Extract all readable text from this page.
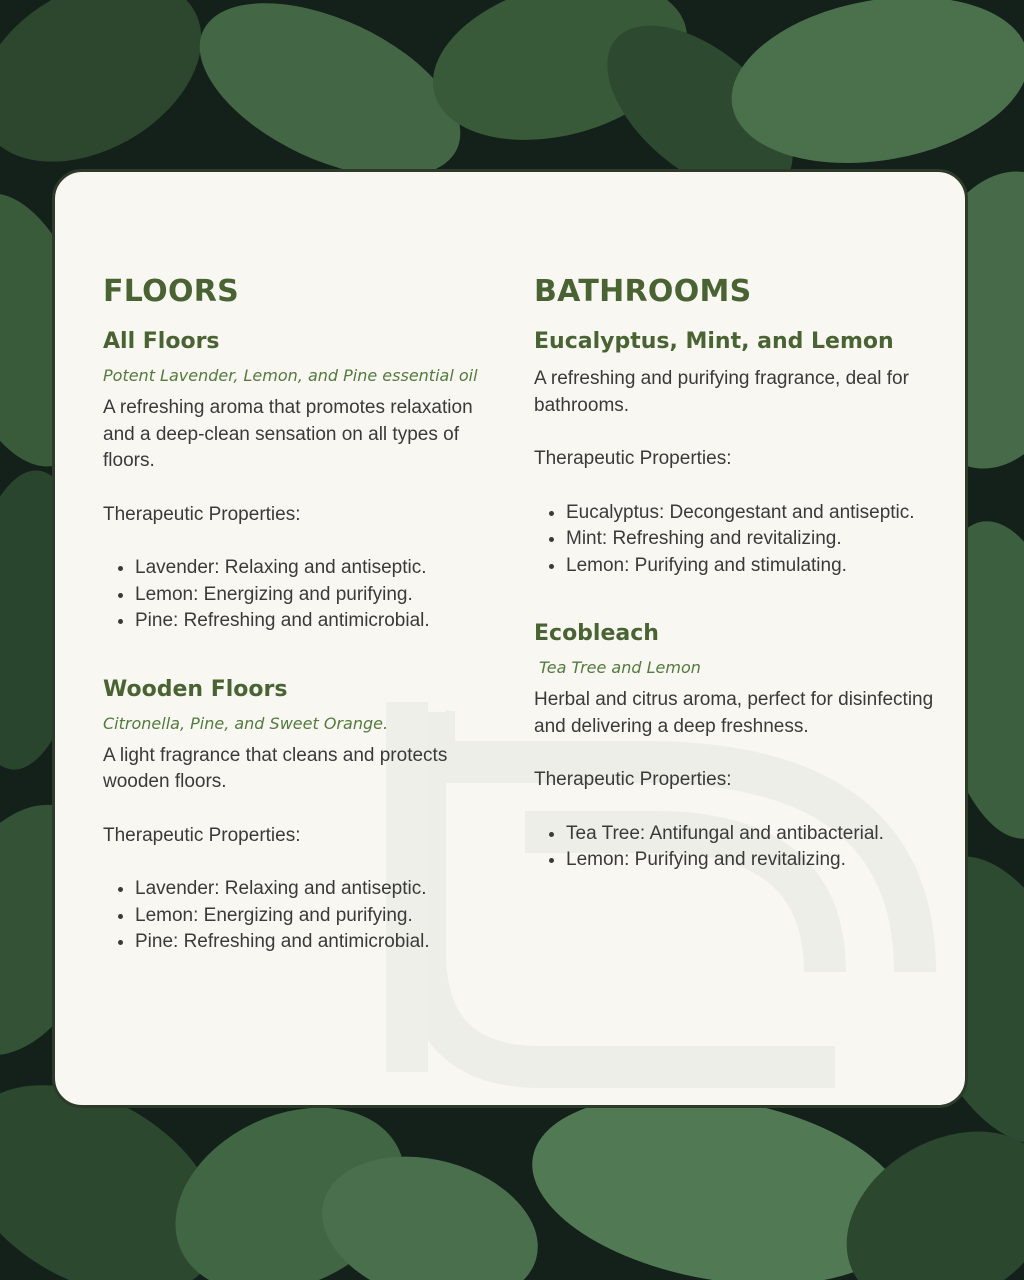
FLOORS
All Floors
Potent Lavender, Lemon, and Pine essential oil
A refreshing aroma that promotes relaxation and a deep-clean sensation on all types of floors.
Therapeutic Properties:
• Lavender: Relaxing and antiseptic.
• Lemon: Energizing and purifying.
• Pine: Refreshing and antimicrobial.
Wooden Floors
Citronella, Pine, and Sweet Orange.
A light fragrance that cleans and protects wooden floors.
Therapeutic Properties:
• Lavender: Relaxing and antiseptic.
• Lemon: Energizing and purifying.
• Pine: Refreshing and antimicrobial.
BATHROOMS
Eucalyptus, Mint, and Lemon
A refreshing and purifying fragrance, deal for bathrooms.
Therapeutic Properties:
• Eucalyptus: Decongestant and antiseptic.
• Mint: Refreshing and revitalizing.
• Lemon: Purifying and stimulating.
Ecobleach
Tea Tree and Lemon
Herbal and citrus aroma, perfect for disinfecting and delivering a deep freshness.
Therapeutic Properties:
• Tea Tree: Antifungal and antibacterial.
• Lemon: Purifying and revitalizing.
